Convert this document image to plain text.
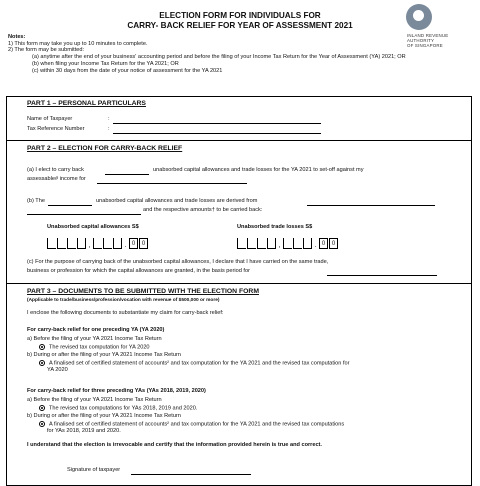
ELECTION FORM FOR INDIVIDUALS FOR
CARRY- BACK RELIEF FOR YEAR OF ASSESSMENT 2021
INLAND REVENUE
AUTHORITY
OF SINGAPORE
Notes:
1) This form may take you up to 10 minutes to complete.
2) The form may be submitted:
(a) anytime after the end of your business' accounting period and before the filing of your Income Tax Return for the Year of Assessment (YA) 2021; OR
(b) when filing your Income Tax Return for the YA 2021; OR
(c) within 30 days from the date of your notice of assessment for the YA 2021
PART 1 – PERSONAL PARTICULARS
Name of Taxpayer	:
Tax Reference Number	:
PART 2 – ELECTION FOR CARRY-BACK RELIEF
(a) I elect to carry back	unabsorbed capital allowances and trade losses for the YA 2021 to set-off against my
assessable# income for
(b) The	unabsorbed capital allowances and trade losses are derived from
and the respective amounts† to be carried back:
Unabsorbed capital allowances S$	Unabsorbed trade losses S$
,	. 0	0	,	. 0	0
(c) For the purpose of carrying back of the unabsorbed capital allowances, I declare that I have carried on the same trade,
business or profession for which the capital allowances are granted, in the basis period for
PART 3 – DOCUMENTS TO BE SUBMITTED WITH THE ELECTION FORM
(Applicable to trade/business/profession/vocation with revenue of $500,000 or more)
I enclose the following documents to substantiate my claim for carry-back relief:
For carry-back relief for one preceding YA (YA 2020)
a) Before the filing of your YA 2021 Income Tax Return
The revised tax computation for YA 2020
b) During or after the filing of your YA 2021 Income Tax Return
A finalised set of certified statement of accounts² and tax computation for the YA 2021 and the revised tax computation for
YA 2020
For carry-back relief for three preceding YAs (YAs 2018, 2019, 2020)
a) Before the filing of your YA 2021 Income Tax Return
The revised tax computations for YAs 2018, 2019 and 2020.
b) During or after the filing of your YA 2021 Income Tax Return
A finalised set of certified statement of accounts² and tax computation for the YA 2021 and the revised tax computations
for YAs 2018, 2019 and 2020.
I understand that the election is irrevocable and certify that the information provided herein is true and correct.
Signature of taxpayer
